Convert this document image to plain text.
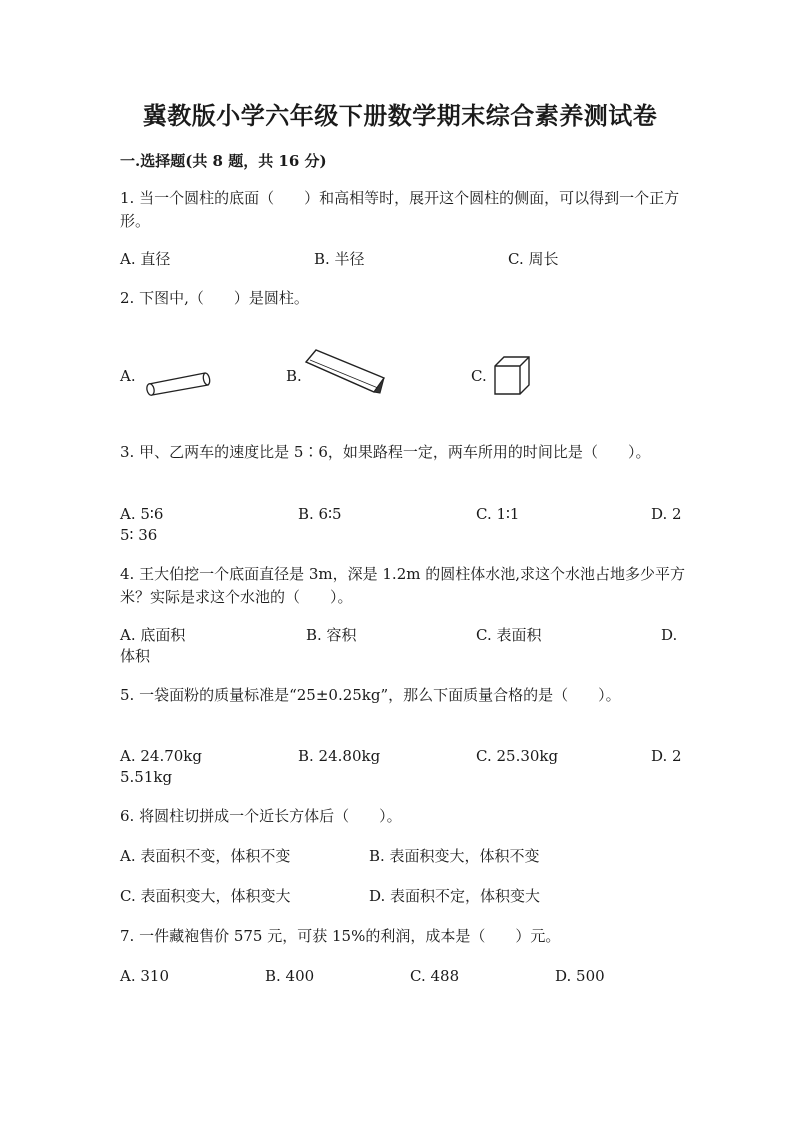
冀教版小学六年级下册数学期末综合素养测试卷
一.选择题(共 8 题，共 16 分)
1. 当一个圆柱的底面（　　）和高相等时，展开这个圆柱的侧面，可以得到一个正方形。
A. 直径	B. 半径	C. 周长
2. 下图中,（　　）是圆柱。
A.	B.	C.
3. 甲、乙两车的速度比是 5∶6，如果路程一定，两车所用的时间比是（　　）。
A. 5∶6	B. 6∶5	C. 1∶1	D. 2
5∶ 36
4. 王大伯挖一个底面直径是 3m，深是 1.2m 的圆柱体水池,求这个水池占地多少平方米？实际是求这个水池的（　　）。
A. 底面积	B. 容积	C. 表面积	D.
体积
5. 一袋面粉的质量标准是“25±0.25kg”，那么下面质量合格的是（　　）。
A. 24.70kg	B. 24.80kg	C. 25.30kg	D. 2
5.51kg
6. 将圆柱切拼成一个近长方体后（　　）。
A. 表面积不变，体积不变	B. 表面积变大，体积不变
C. 表面积变大，体积变大	D. 表面积不定，体积变大
7. 一件藏袍售价 575 元，可获 15%的利润，成本是（　　）元。
A. 310	B. 400	C. 488	D. 500
